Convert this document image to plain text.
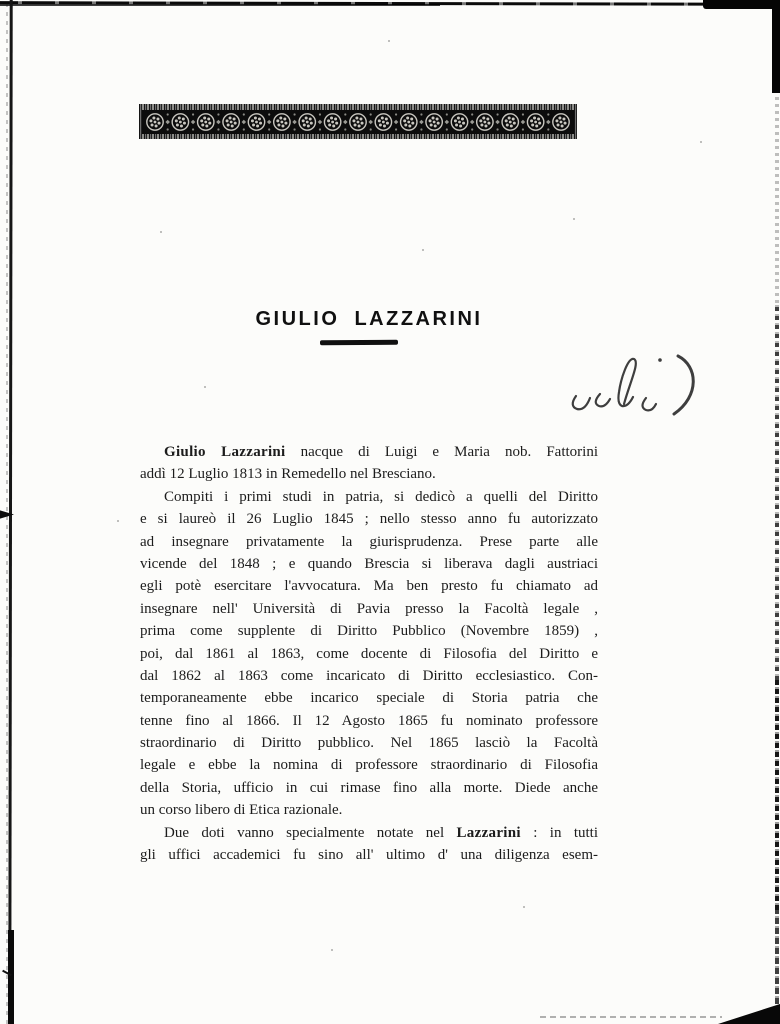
GIULIO LAZZARINI
Giulio Lazzarini nacque di Luigi e Maria nob. Fattorini
addì 12 Luglio 1813 in Remedello nel Bresciano.
Compiti i primi studi in patria, si dedicò a quelli del Diritto
e si laureò il 26 Luglio 1845 ; nello stesso anno fu autorizzato
ad insegnare privatamente la giurisprudenza. Prese parte alle
vicende del 1848 ; e quando Brescia si liberava dagli austriaci
egli potè esercitare l'avvocatura. Ma ben presto fu chiamato ad
insegnare nell' Università di Pavia presso la Facoltà legale ,
prima come supplente di Diritto Pubblico (Novembre 1859) ,
poi, dal 1861 al 1863, come docente di Filosofia del Diritto e
dal 1862 al 1863 come incaricato di Diritto ecclesiastico. Con-
temporaneamente ebbe incarico speciale di Storia patria che
tenne fino al 1866. Il 12 Agosto 1865 fu nominato professore
straordinario di Diritto pubblico. Nel 1865 lasciò la Facoltà
legale e ebbe la nomina di professore straordinario di Filosofia
della Storia, ufficio in cui rimase fino alla morte. Diede anche
un corso libero di Etica razionale.
Due doti vanno specialmente notate nel Lazzarini : in tutti
gli uffici accademici fu sino all' ultimo d' una diligenza esem-
